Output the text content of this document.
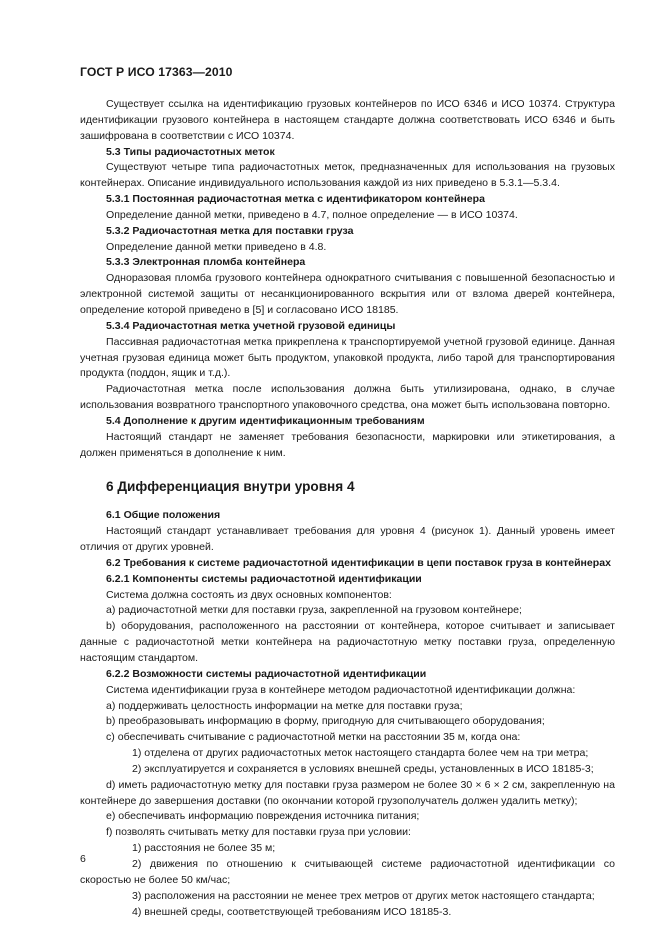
ГОСТ Р ИСО 17363—2010

Существует ссылка на идентификацию грузовых контейнеров по ИСО 6346 и ИСО 10374. Структура идентификации грузового контейнера в настоящем стандарте должна соответствовать ИСО 6346 и быть зашифрована в соответствии с ИСО 10374.

5.3 Типы радиочастотных меток

Существуют четыре типа радиочастотных меток, предназначенных для использования на грузовых контейнерах. Описание индивидуального использования каждой из них приведено в 5.3.1—5.3.4.

5.3.1 Постоянная радиочастотная метка с идентификатором контейнера

Определение данной метки, приведено в 4.7, полное определение — в ИСО 10374.

5.3.2 Радиочастотная метка для поставки груза

Определение данной метки приведено в 4.8.

5.3.3 Электронная пломба контейнера

Одноразовая пломба грузового контейнера однократного считывания с повышенной безопасностью и электронной системой защиты от несанкционированного вскрытия или от взлома дверей контейнера, определение которой приведено в [5] и согласовано ИСО 18185.

5.3.4 Радиочастотная метка учетной грузовой единицы

Пассивная радиочастотная метка прикреплена к транспортируемой учетной грузовой единице. Данная учетная грузовая единица может быть продуктом, упаковкой продукта, либо тарой для транспортирования продукта (поддон, ящик и т.д.).

Радиочастотная метка после использования должна быть утилизирована, однако, в случае использования возвратного транспортного упаковочного средства, она может быть использована повторно.

5.4 Дополнение к другим идентификационным требованиям

Настоящий стандарт не заменяет требования безопасности, маркировки или этикетирования, а должен применяться в дополнение к ним.

6 Дифференциация внутри уровня 4

6.1 Общие положения

Настоящий стандарт устанавливает требования для уровня 4 (рисунок 1). Данный уровень имеет отличия от других уровней.

6.2 Требования к системе радиочастотной идентификации в цепи поставок груза в контейнерах

6.2.1 Компоненты системы радиочастотной идентификации

Система должна состоять из двух основных компонентов:

a) радиочастотной метки для поставки груза, закрепленной на грузовом контейнере;

b) оборудования, расположенного на расстоянии от контейнера, которое считывает и записывает данные с радиочастотной метки контейнера на радиочастотную метку поставки груза, определенную настоящим стандартом.

6.2.2 Возможности системы радиочастотной идентификации

Система идентификации груза в контейнере методом радиочастотной идентификации должна:

a) поддерживать целостность информации на метке для поставки груза;

b) преобразовывать информацию в форму, пригодную для считывающего оборудования;

c) обеспечивать считывание с радиочастотной метки на расстоянии 35 м, когда она:

1) отделена от других радиочастотных меток настоящего стандарта более чем на три метра;

2) эксплуатируется и сохраняется в условиях внешней среды, установленных в ИСО 18185-3;

d) иметь радиочастотную метку для поставки груза размером не более 30 × 6 × 2 см, закрепленную на контейнере до завершения доставки (по окончании которой грузополучатель должен удалить метку);

e) обеспечивать информацию повреждения источника питания;

f) позволять считывать метку для поставки груза при условии:

1) расстояния не более 35 м;

2) движения по отношению к считывающей системе радиочастотной идентификации со скоростью не более 50 км/час;

3) расположения на расстоянии не менее трех метров от других меток настоящего стандарта;

4) внешней среды, соответствующей требованиям ИСО 18185-3.

6
